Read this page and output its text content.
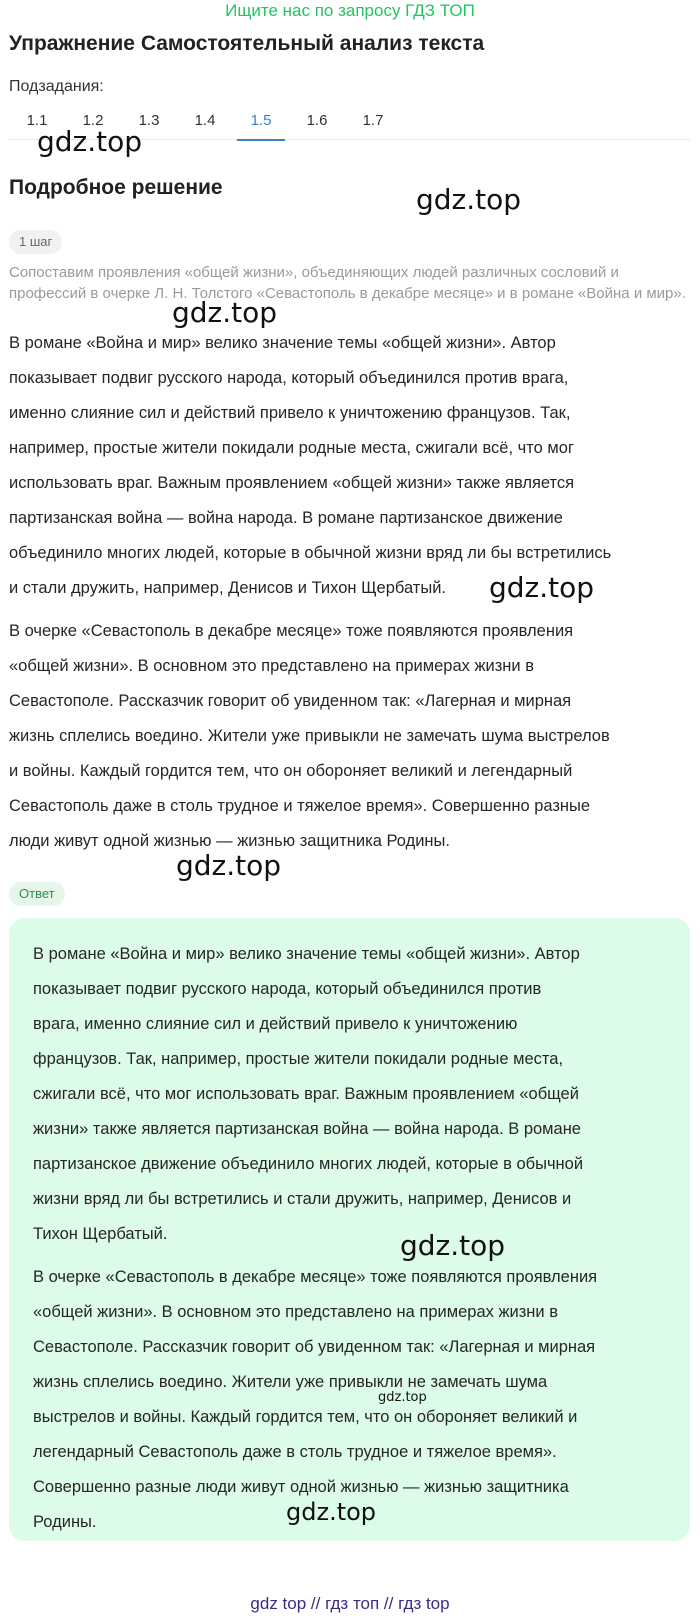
Ищите нас по запросу ГДЗ ТОП
Упражнение Самостоятельный анализ текста
Подзадания:
1.1	1.2	1.3	1.4	1.5	1.6	1.7
gdz.top
Подробное решение	gdz.top
1 шаг

Сопоставим проявления «общей жизни», объединяющих людей различных сословий и профессий в очерке Л. Н. Толстого «Севастополь в декабре месяце» и в романе «Война и мир».

gdz.top
В романе «Война и мир» велико значение темы «общей жизни». Автор
показывает подвиг русского народа, который объединился против врага,
именно слияние сил и действий привело к уничтожению французов. Так,
например, простые жители покидали родные места, сжигали всё, что мог
использовать враг. Важным проявлением «общей жизни» также является
партизанская война — война народа. В романе партизанское движение
объединило многих людей, которые в обычной жизни вряд ли бы встретились
и стали дружить, например, Денисов и Тихон Щербатый.	gdz.top
В очерке «Севастополь в декабре месяце» тоже появляются проявления
«общей жизни». В основном это представлено на примерах жизни в
Севастополе. Рассказчик говорит об увиденном так: «Лагерная и мирная
жизнь сплелись воедино. Жители уже привыкли не замечать шума выстрелов
и войны. Каждый гордится тем, что он обороняет великий и легендарный
Севастополь даже в столь трудное и тяжелое время». Совершенно разные
люди живут одной жизнью — жизнью защитника Родины.
gdz.top
Ответ
В романе «Война и мир» велико значение темы «общей жизни». Автор
показывает подвиг русского народа, который объединился против
врага, именно слияние сил и действий привело к уничтожению
французов. Так, например, простые жители покидали родные места,
сжигали всё, что мог использовать враг. Важным проявлением «общей
жизни» также является партизанская война — война народа. В романе
партизанское движение объединило многих людей, которые в обычной
жизни вряд ли бы встретились и стали дружить, например, Денисов и
Тихон Щербатый.	gdz.top
В очерке «Севастополь в декабре месяце» тоже появляются проявления
«общей жизни». В основном это представлено на примерах жизни в
Севастополе. Рассказчик говорит об увиденном так: «Лагерная и мирная
жизнь сплелись воедино. Жители уже привыкли не замечать шума
выстрелов и войны. Каждый гордится тем, что он обороняет великий и
легендарный Севастополь даже в столь трудное и тяжелое время».
Совершенно разные люди живут одной жизнью — жизнью защитника
Родины.
gdz.top
gdz.top
gdz top // гдз топ // гдз top
